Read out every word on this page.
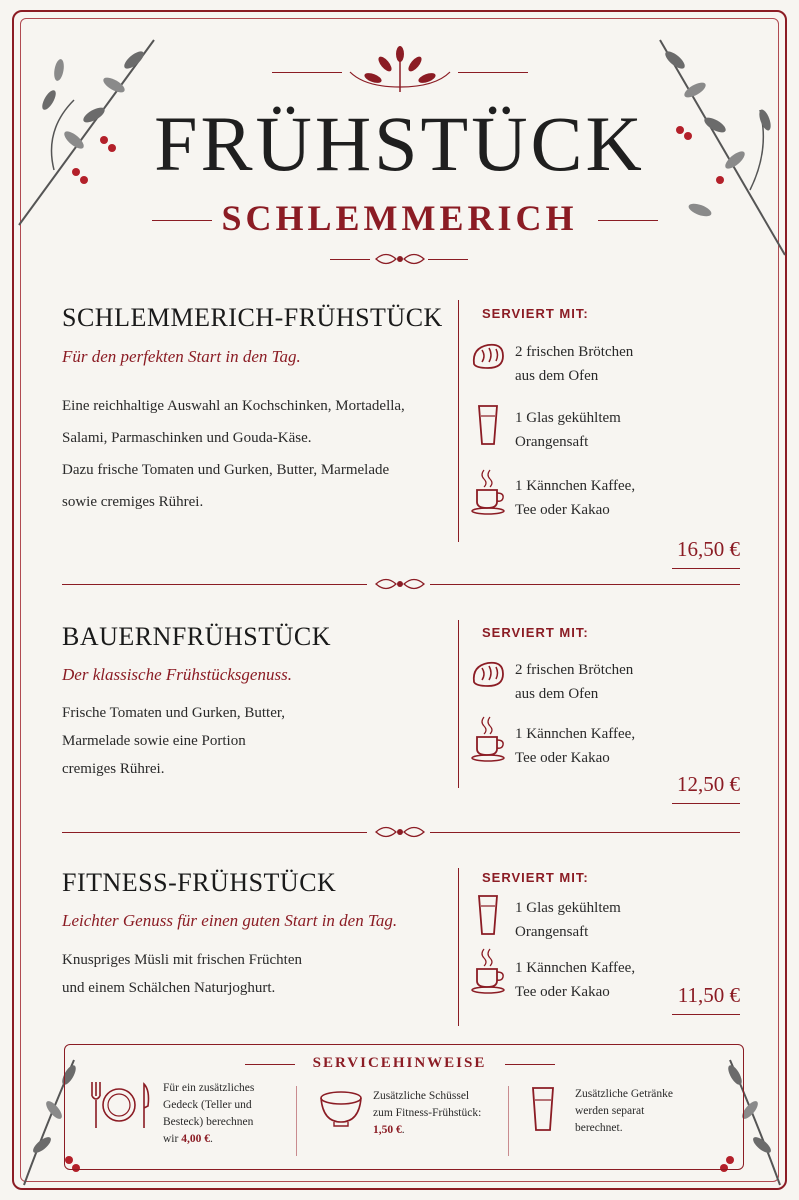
FRÜHSTÜCK
SCHLEMMERICH
SCHLEMMERICH-FRÜHSTÜCK
Für den perfekten Start in den Tag.
Eine reichhaltige Auswahl an Kochschinken, Mortadella,
Salami, Parmaschinken und Gouda-Käse.
Dazu frische Tomaten und Gurken, Butter, Marmelade
sowie cremiges Rührei.
SERVIERT MIT:
2 frischen Brötchen
aus dem Ofen
1 Glas gekühltem
Orangensaft
1 Kännchen Kaffee,
Tee oder Kakao
16,50 €
BAUERNFRÜHSTÜCK
Der klassische Frühstücksgenuss.
Frische Tomaten und Gurken, Butter,
Marmelade sowie eine Portion
cremiges Rührei.
SERVIERT MIT:
2 frischen Brötchen
aus dem Ofen
1 Kännchen Kaffee,
Tee oder Kakao
12,50 €
FITNESS-FRÜHSTÜCK
Leichter Genuss für einen guten Start in den Tag.
Knuspriges Müsli mit frischen Früchten
und einem Schälchen Naturjoghurt.
SERVIERT MIT:
1 Glas gekühltem
Orangensaft
1 Kännchen Kaffee,
Tee oder Kakao	11,50 €
SERVICEHINWEISE
Für ein zusätzliches
Gedeck (Teller und
Besteck) berechnen
wir 4,00 €.
Zusätzliche Schüssel
zum Fitness-Frühstück:
1,50 €.
Zusätzliche Getränke
werden separat
berechnet.
